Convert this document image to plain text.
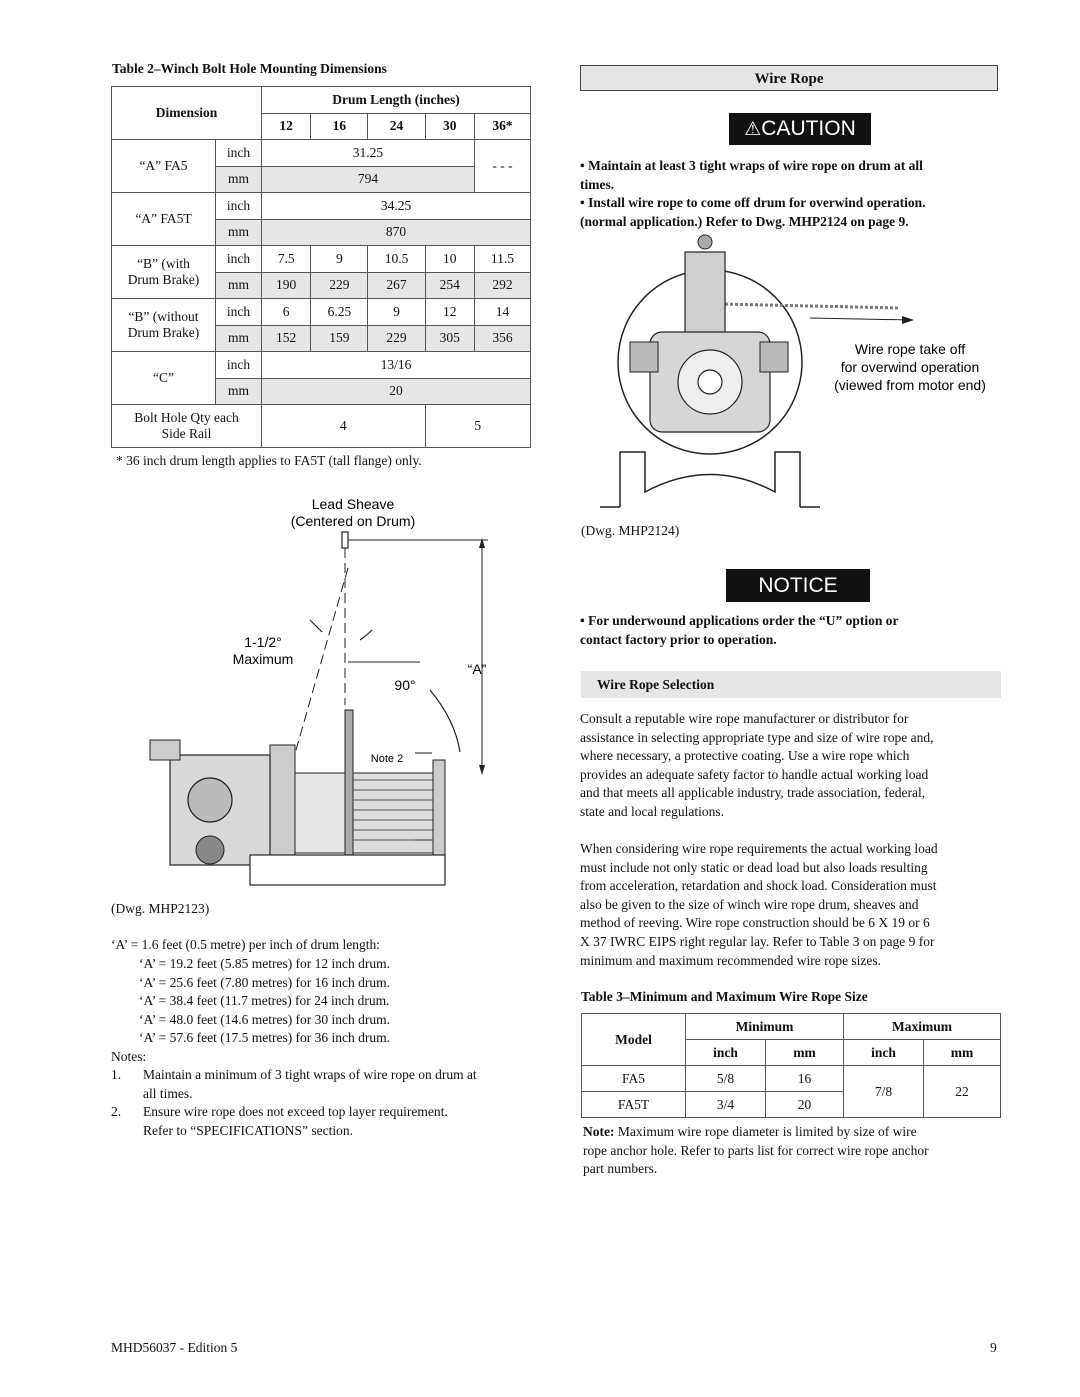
Table 2–Winch Bolt Hole Mounting Dimensions
Dimension		Drum Length (inches)				
		12	16	24	30	36*
“A” FA5	inch	31.25				- - -
	mm	794				
“A” FA5T	inch	34.25				
	mm	870				
“B” (with
Drum Brake)	inch	7.5	9	10.5	10	11.5
	mm	190	229	267	254	292
“B” (without
Drum Brake)	inch	6	6.25	9	12	14
	mm	152	159	229	305	356
“C”	inch	13/16				
	mm	20				
Bolt Hole Qty each
Side Rail		4			5	
* 36 inch drum length applies to FA5T (tall flange) only.
Lead Sheave
(Centered on Drum)
1-1/2°
Maximum
“A”
90°
Note 2
(Dwg. MHP2123)
‘A’ = 1.6 feet (0.5 metre) per inch of drum length:
‘A’ = 19.2 feet (5.85 metres) for 12 inch drum.
‘A’ = 25.6 feet (7.80 metres) for 16 inch drum.
‘A’ = 38.4 feet (11.7 metres) for 24 inch drum.
‘A’ = 48.0 feet (14.6 metres) for 30 inch drum.
‘A’ = 57.6 feet (17.5 metres) for 36 inch drum.
Notes:
1. Maintain a minimum of 3 tight wraps of wire rope on drum at
all times.
2. Ensure wire rope does not exceed top layer requirement.
Refer to “SPECIFICATIONS” section.
Wire Rope
⚠CAUTION
• Maintain at least 3 tight wraps of wire rope on drum at all
times.
• Install wire rope to come off drum for overwind operation.
(normal application.) Refer to Dwg. MHP2124 on page 9.
Wire rope take off
for overwind operation
(viewed from motor end)
(Dwg. MHP2124)
NOTICE
• For underwound applications order the “U” option or
contact factory prior to operation.
Wire Rope Selection
Consult a reputable wire rope manufacturer or distributor for
assistance in selecting appropriate type and size of wire rope and,
where necessary, a protective coating. Use a wire rope which
provides an adequate safety factor to handle actual working load
and that meets all applicable industry, trade association, federal,
state and local regulations.
When considering wire rope requirements the actual working load
must include not only static or dead load but also loads resulting
from acceleration, retardation and shock load. Consideration must
also be given to the size of winch wire rope drum, sheaves and
method of reeving. Wire rope construction should be 6 X 19 or 6
X 37 IWRC EIPS right regular lay. Refer to Table 3 on page 9 for
minimum and maximum recommended wire rope sizes.
Table 3–Minimum and Maximum Wire Rope Size
Model	Minimum		Maximum	
	inch	mm	inch	mm
FA5	5/8	16	7/8	22
FA5T	3/4	20		
Note: Maximum wire rope diameter is limited by size of wire
rope anchor hole. Refer to parts list for correct wire rope anchor
part numbers.
MHD56037 - Edition 5	9
